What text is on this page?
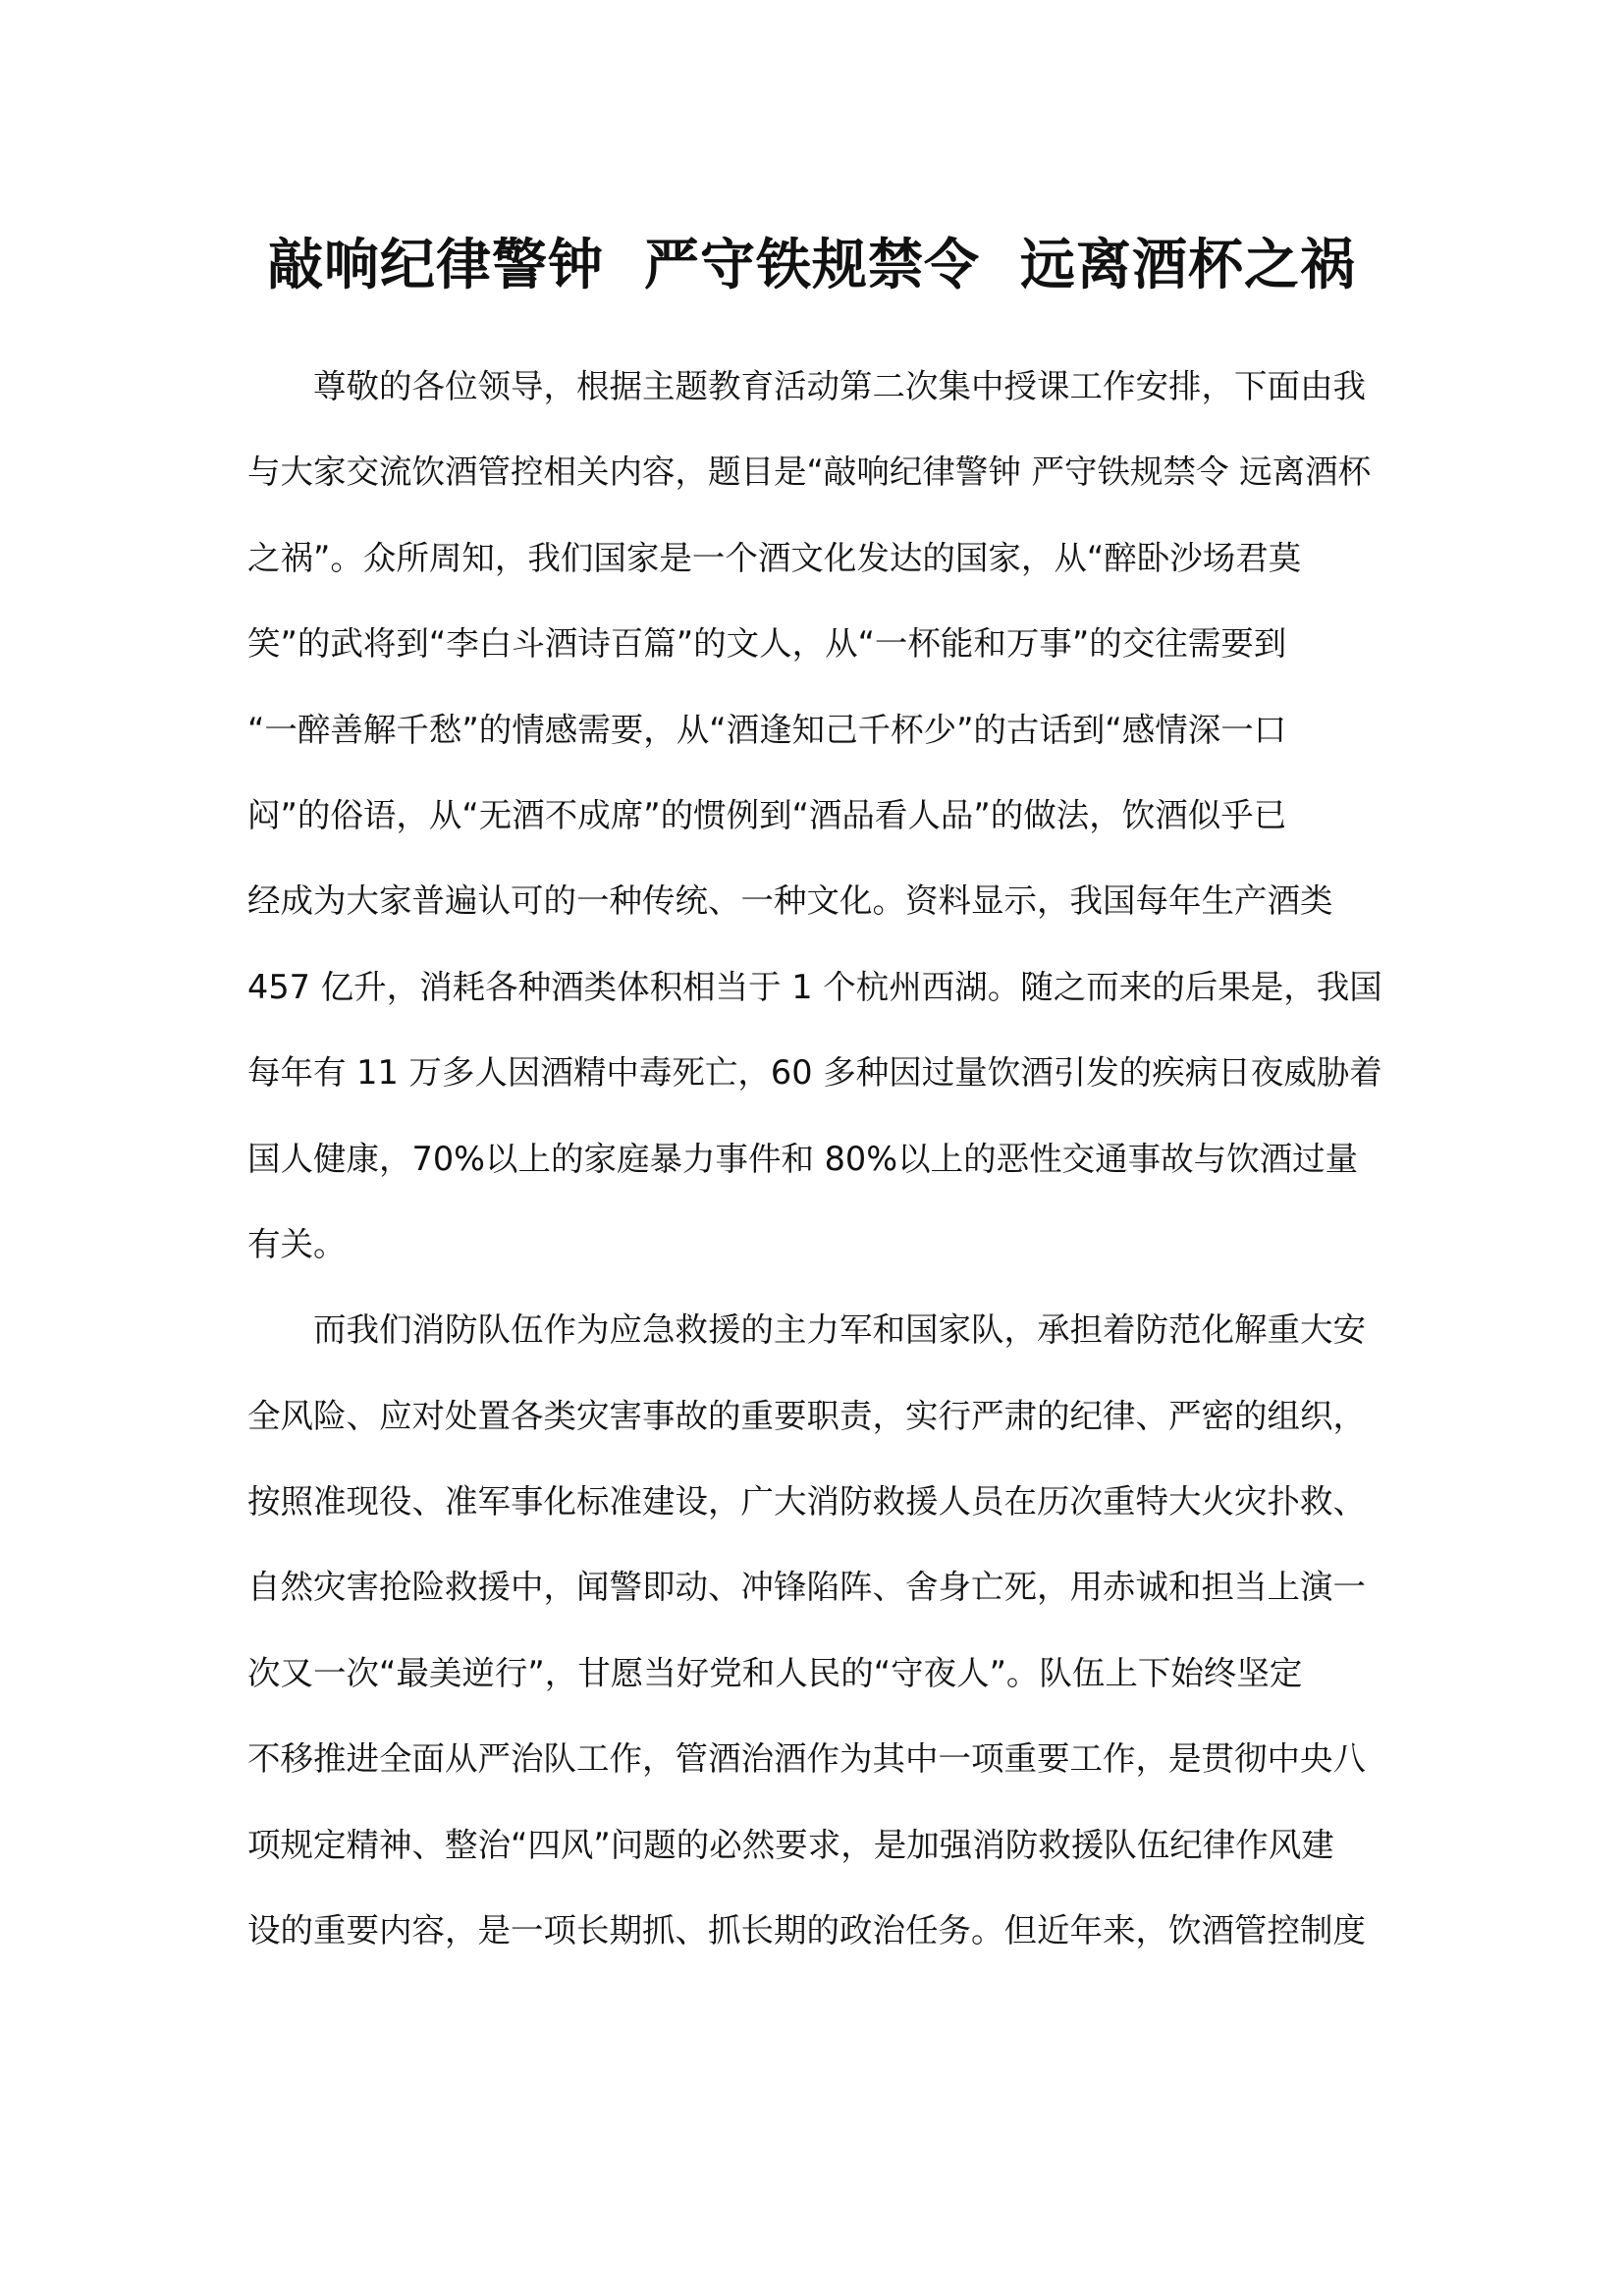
敲响纪律警钟  严守铁规禁令  远离酒杯之祸
　　尊敬的各位领导，根据主题教育活动第二次集中授课工作安排，下面由我
与大家交流饮酒管控相关内容，题目是“敲响纪律警钟 严守铁规禁令 远离酒杯
之祸”。众所周知，我们国家是一个酒文化发达的国家，从“醉卧沙场君莫
笑”的武将到“李白斗酒诗百篇”的文人，从“一杯能和万事”的交往需要到
“一醉善解千愁”的情感需要，从“酒逢知己千杯少”的古话到“感情深一口
闷”的俗语，从“无酒不成席”的惯例到“酒品看人品”的做法，饮酒似乎已
经成为大家普遍认可的一种传统、一种文化。资料显示，我国每年生产酒类
457 亿升，消耗各种酒类体积相当于 1 个杭州西湖。随之而来的后果是，我国
每年有 11 万多人因酒精中毒死亡，60 多种因过量饮酒引发的疾病日夜威胁着
国人健康，70%以上的家庭暴力事件和 80%以上的恶性交通事故与饮酒过量
有关。
　　而我们消防队伍作为应急救援的主力军和国家队，承担着防范化解重大安
全风险、应对处置各类灾害事故的重要职责，实行严肃的纪律、严密的组织，
按照准现役、准军事化标准建设，广大消防救援人员在历次重特大火灾扑救、
自然灾害抢险救援中，闻警即动、冲锋陷阵、舍身亡死，用赤诚和担当上演一
次又一次“最美逆行”，甘愿当好党和人民的“守夜人”。队伍上下始终坚定
不移推进全面从严治队工作，管酒治酒作为其中一项重要工作，是贯彻中央八
项规定精神、整治“四风”问题的必然要求，是加强消防救援队伍纪律作风建
设的重要内容，是一项长期抓、抓长期的政治任务。但近年来，饮酒管控制度
